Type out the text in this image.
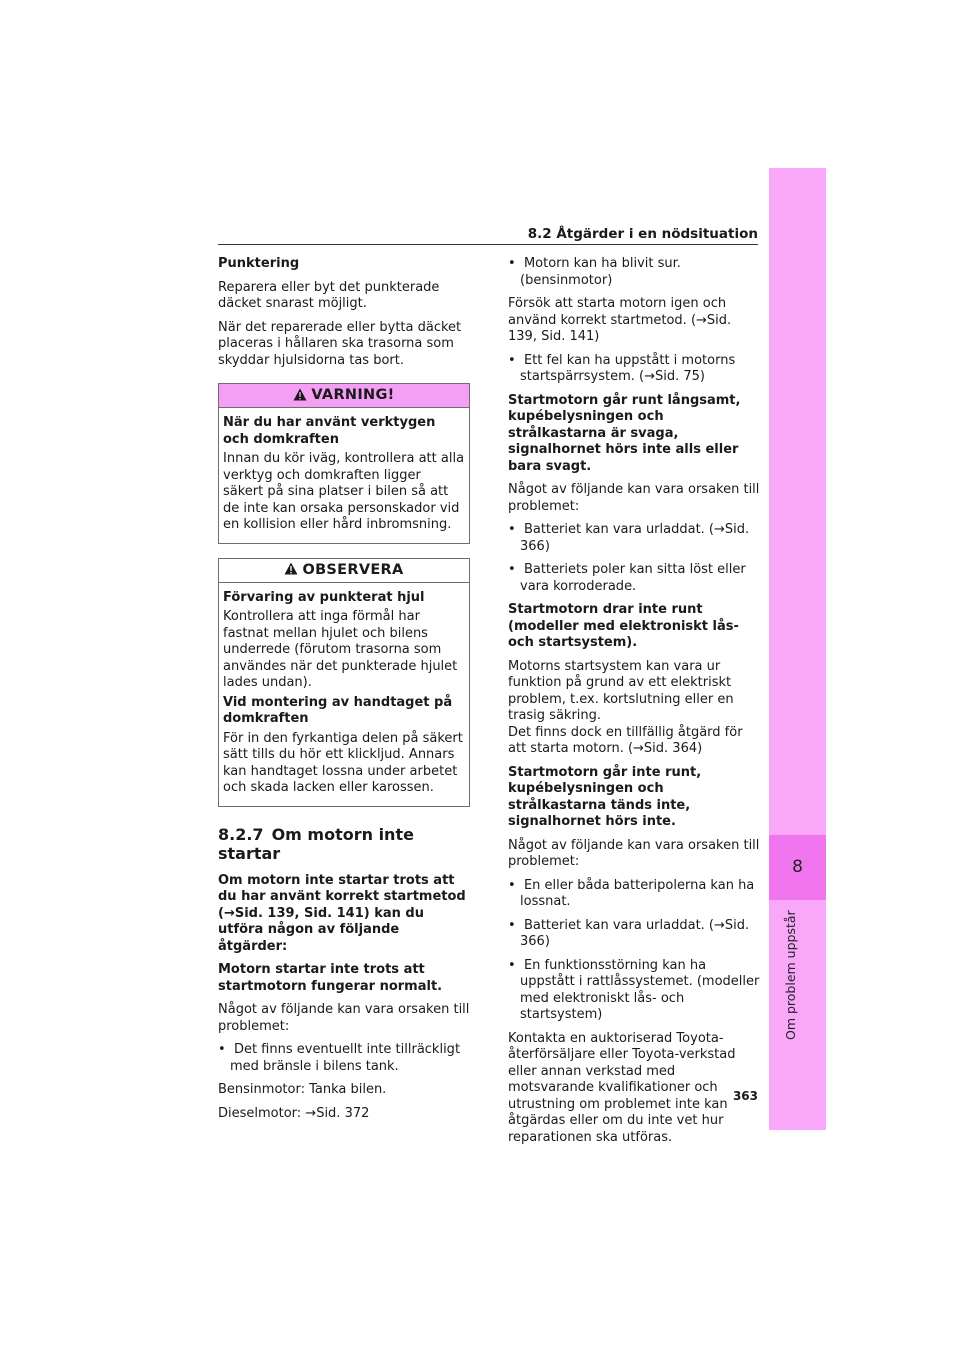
8.2 Åtgärder i en nödsituation
8
Om problem uppstår

Punktering

Reparera eller byt det punkterade däcket snarast möjligt.

När det reparerade eller bytta däcket placeras i hållaren ska trasorna som skyddar hjulsidorna tas bort.

VARNING!

När du har använt verktygen och domkraften

Innan du kör iväg, kontrollera att alla verktyg och domkraften ligger säkert på sina platser i bilen så att de inte kan orsaka personskador vid en kollision eller hård inbromsning.

OBSERVERA

Förvaring av punkterat hjul

Kontrollera att inga förmål har fastnat mellan hjulet och bilens underrede (förutom trasorna som användes när det punkterade hjulet lades undan).

Vid montering av handtaget på domkraften

För in den fyrkantiga delen på säkert sätt tills du hör ett klickljud. Annars kan handtaget lossna under arbetet och skada lacken eller karossen.

8.2.7 Om motorn inte startar

Om motorn inte startar trots att du har använt korrekt startmetod (→Sid. 139, Sid. 141) kan du utföra någon av följande åtgärder:

Motorn startar inte trots att startmotorn fungerar normalt.

Något av följande kan vara orsaken till problemet:

•  Det finns eventuellt inte tillräckligt med bränsle i bilens tank.

Bensinmotor: Tanka bilen.

Dieselmotor: →Sid. 372

•  Motorn kan ha blivit sur. (bensinmotor)

Försök att starta motorn igen och använd korrekt startmetod. (→Sid. 139, Sid. 141)

•  Ett fel kan ha uppstått i motorns startspärrsystem. (→Sid. 75)

Startmotorn går runt långsamt, kupébelysningen och strålkastarna är svaga, signalhornet hörs inte alls eller bara svagt.

Något av följande kan vara orsaken till problemet:

•  Batteriet kan vara urladdat. (→Sid. 366)

•  Batteriets poler kan sitta löst eller vara korroderade.

Startmotorn drar inte runt (modeller med elektroniskt lås- och startsystem).

Motorns startsystem kan vara ur funktion på grund av ett elektriskt problem, t.ex. kortslutning eller en trasig säkring.

Det finns dock en tillfällig åtgärd för att starta motorn. (→Sid. 364)

Startmotorn går inte runt, kupébelysningen och strålkastarna tänds inte, signalhornet hörs inte.

Något av följande kan vara orsaken till problemet:

•  En eller båda batteripolerna kan ha lossnat.

•  Batteriet kan vara urladdat. (→Sid. 366)

•  En funktionsstörning kan ha uppstått i rattlåssystemet. (modeller med elektroniskt lås- och startsystem)

Kontakta en auktoriserad Toyota-återförsäljare eller Toyota-verkstad eller annan verkstad med motsvarande kvalifikationer och utrustning om problemet inte kan åtgärdas eller om du inte vet hur reparationen ska utföras.

363
